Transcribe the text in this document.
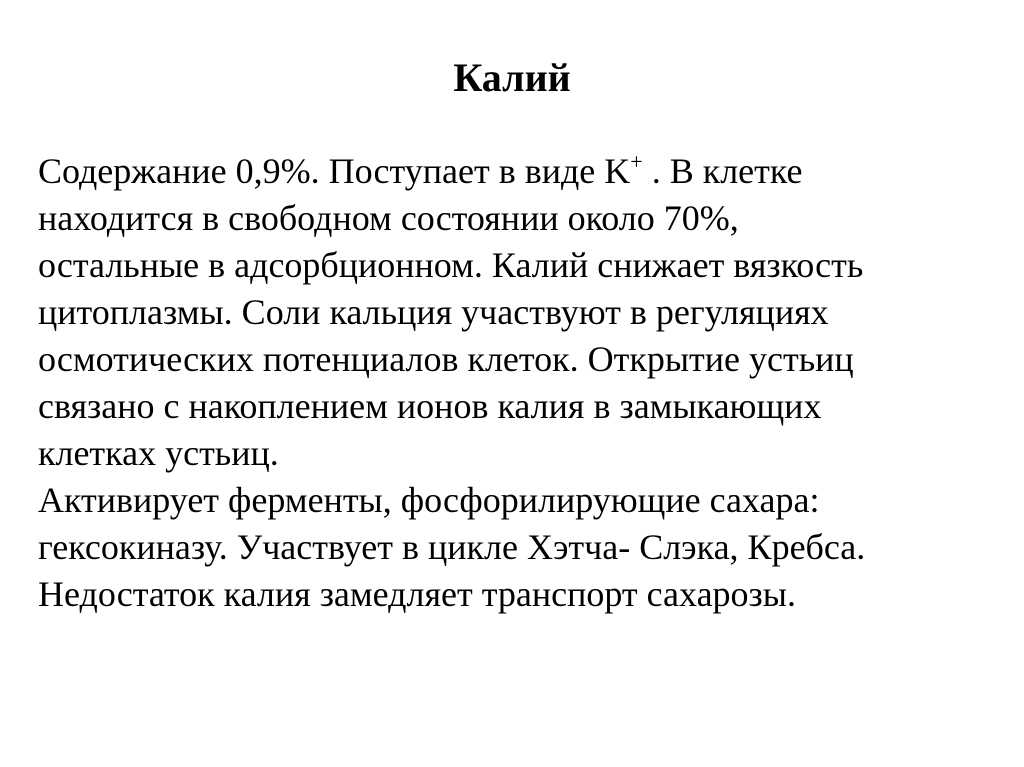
Калий
Содержание 0,9%. Поступает в виде K+ . В клетке
находится в свободном состоянии около 70%,
остальные в адсорбционном. Калий снижает вязкость
цитоплазмы. Соли кальция участвуют в регуляциях
осмотических потенциалов клеток. Открытие устьиц
связано с накоплением ионов калия в замыкающих
клетках устьиц.
Активирует ферменты, фосфорилирующие сахара:
гексокиназу. Участвует в цикле Хэтча- Слэка, Кребса.
Недостаток калия замедляет транспорт сахарозы.
